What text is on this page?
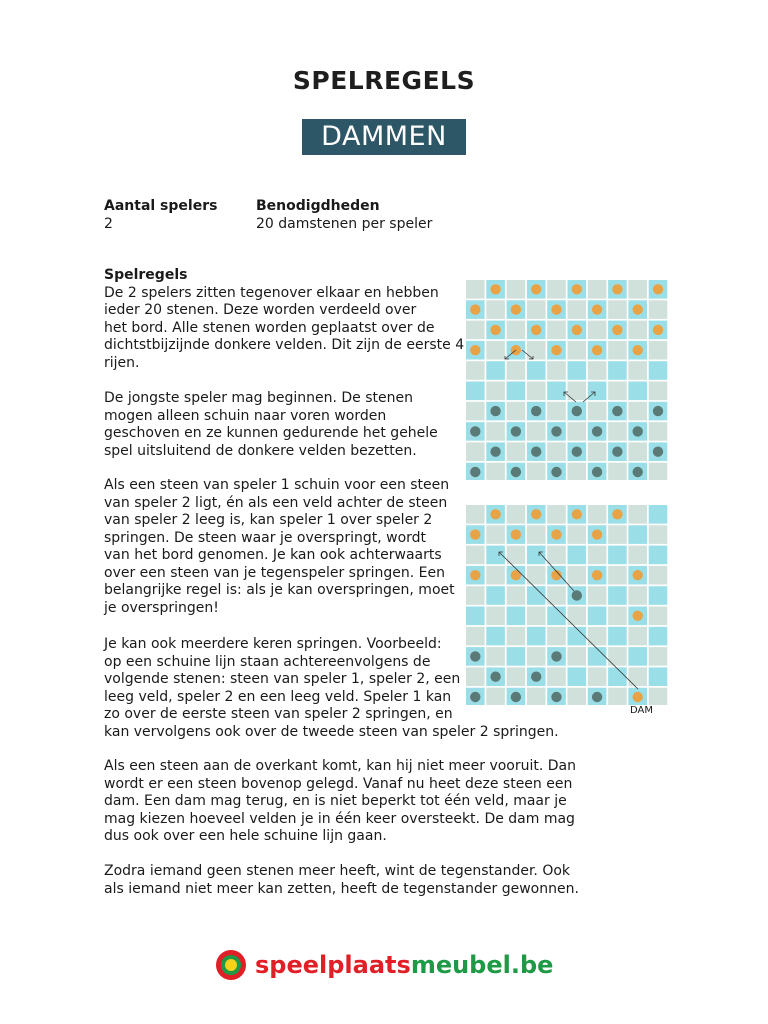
SPELREGELS
DAMMEN
Aantal spelers
2
Benodigdheden
20 damstenen per speler
Spelregels
De 2 spelers zitten tegenover elkaar en hebben
ieder 20 stenen. Deze worden verdeeld over
het bord. Alle stenen worden geplaatst over de
dichtstbijzijnde donkere velden. Dit zijn de eerste 4
rijen.
De jongste speler mag beginnen. De stenen
mogen alleen schuin naar voren worden
geschoven en ze kunnen gedurende het gehele
spel uitsluitend de donkere velden bezetten.
Als een steen van speler 1 schuin voor een steen
van speler 2 ligt, én als een veld achter de steen
van speler 2 leeg is, kan speler 1 over speler 2
springen. De steen waar je overspringt, wordt
van het bord genomen. Je kan ook achterwaarts
over een steen van je tegenspeler springen. Een
belangrijke regel is: als je kan overspringen, moet
je overspringen!
Je kan ook meerdere keren springen. Voorbeeld:
op een schuine lijn staan achtereenvolgens de
volgende stenen: steen van speler 1, speler 2, een
leeg veld, speler 2 en een leeg veld. Speler 1 kan
zo over de eerste steen van speler 2 springen, en
kan vervolgens ook over de tweede steen van speler 2 springen.
Als een steen aan de overkant komt, kan hij niet meer vooruit. Dan
wordt er een steen bovenop gelegd. Vanaf nu heet deze steen een
dam. Een dam mag terug, en is niet beperkt tot één veld, maar je
mag kiezen hoeveel velden je in één keer oversteekt. De dam mag
dus ook over een hele schuine lijn gaan.
Zodra iemand geen stenen meer heeft, wint de tegenstander. Ook
als iemand niet meer kan zetten, heeft de tegenstander gewonnen.
DAM
speelplaatsmeubel.be
